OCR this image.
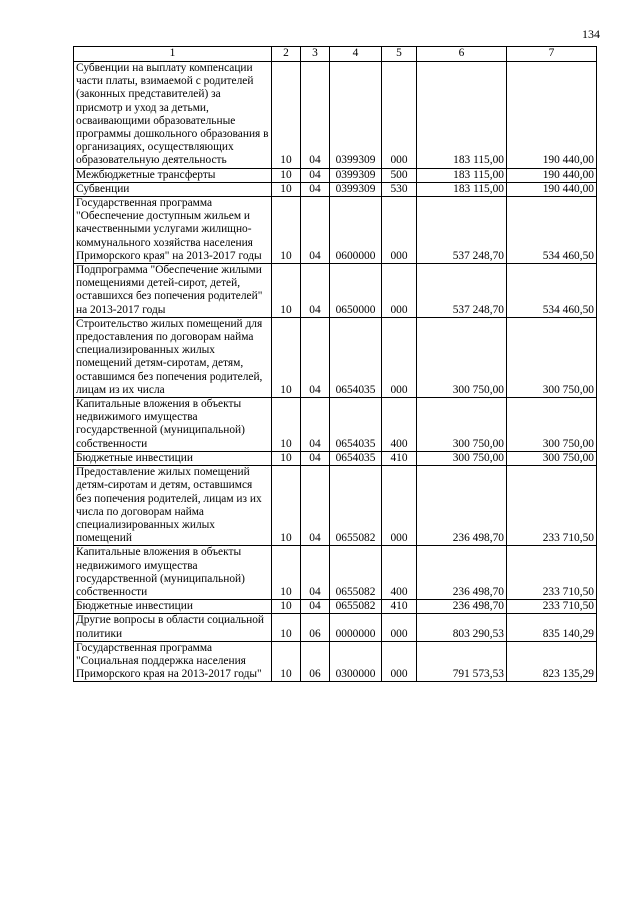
134
1	2	3	4	5	6	7
Субвенции на выплату компенсации части платы, взимаемой с родителей (законных представителей) за присмотр и уход за детьми, осваивающими образовательные программы дошкольного образования в организациях, осуществляющих образовательную деятельность	10	04	0399309	000	183 115,00	190 440,00
Межбюджетные трансферты	10	04	0399309	500	183 115,00	190 440,00
Субвенции	10	04	0399309	530	183 115,00	190 440,00
Государственная программа "Обеспечение доступным жильем и качественными услугами жилищно-коммунального хозяйства населения Приморского края" на 2013-2017 годы	10	04	0600000	000	537 248,70	534 460,50
Подпрограмма "Обеспечение жилыми помещениями детей-сирот, детей, оставшихся без попечения родителей" на 2013-2017 годы	10	04	0650000	000	537 248,70	534 460,50
Строительство жилых помещений для предоставления по договорам найма специализированных жилых помещений детям-сиротам, детям, оставшимся без попечения родителей, лицам из их числа	10	04	0654035	000	300 750,00	300 750,00
Капитальные вложения в объекты недвижимого имущества государственной (муниципальной) собственности	10	04	0654035	400	300 750,00	300 750,00
Бюджетные инвестиции	10	04	0654035	410	300 750,00	300 750,00
Предоставление жилых помещений детям-сиротам и детям, оставшимся без попечения родителей, лицам из их числа по договорам найма специализированных жилых помещений	10	04	0655082	000	236 498,70	233 710,50
Капитальные вложения в объекты недвижимого имущества государственной (муниципальной) собственности	10	04	0655082	400	236 498,70	233 710,50
Бюджетные инвестиции	10	04	0655082	410	236 498,70	233 710,50
Другие вопросы в области социальной политики	10	06	0000000	000	803 290,53	835 140,29
Государственная программа "Социальная поддержка населения Приморского края на 2013-2017 годы"	10	06	0300000	000	791 573,53	823 135,29
